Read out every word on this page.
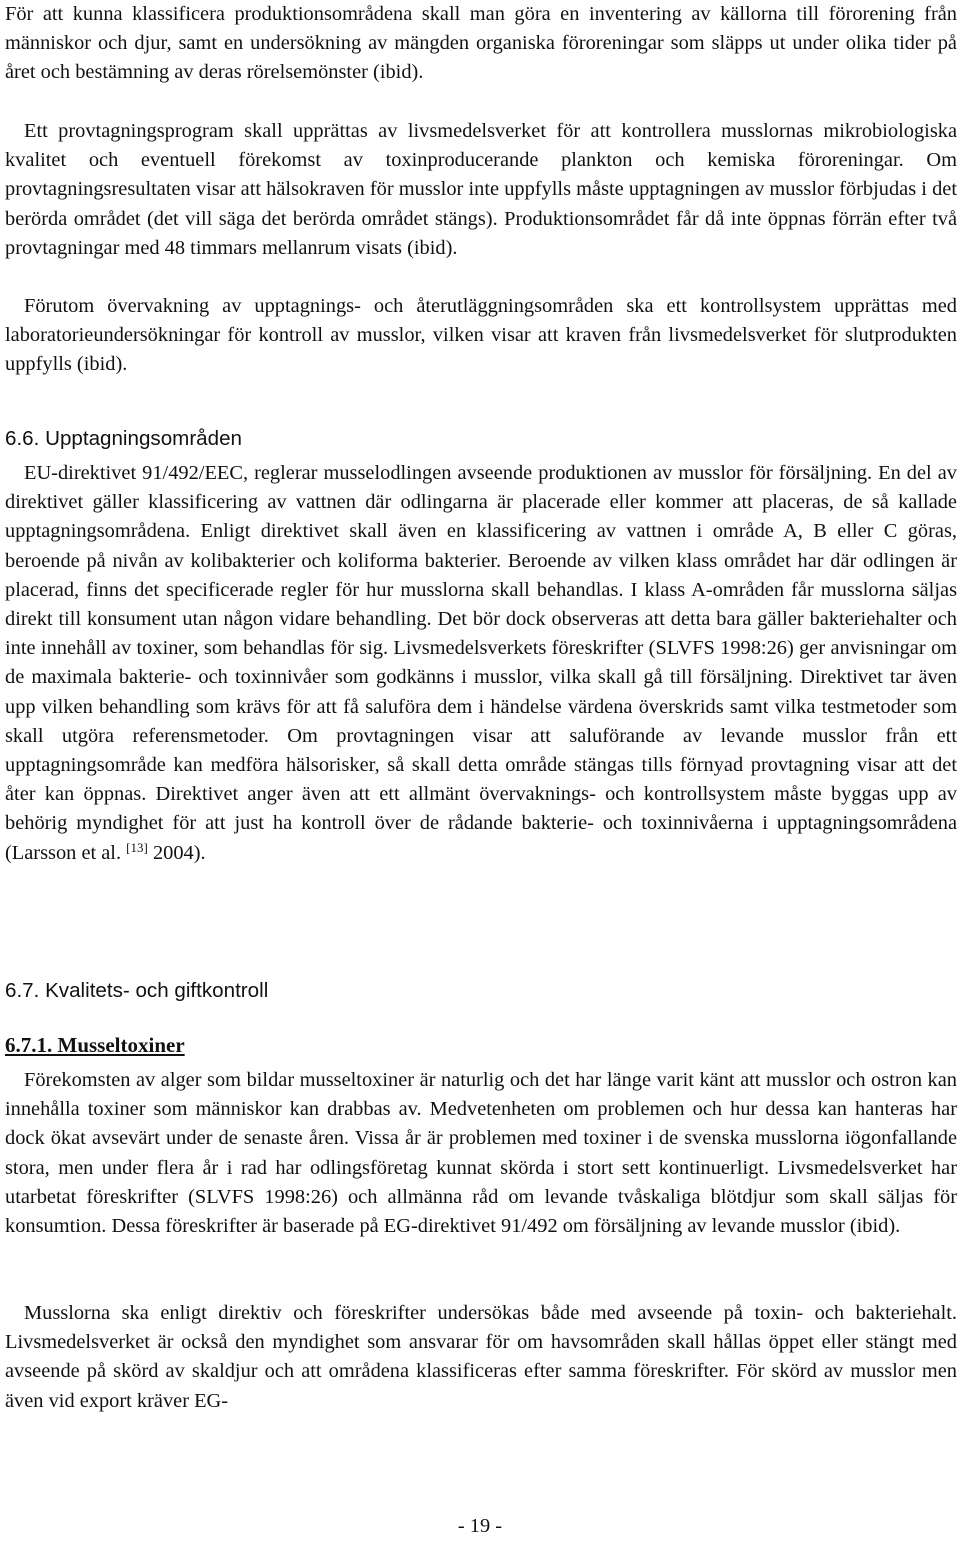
För att kunna klassificera produktionsområdena skall man göra en inventering av källorna till förorening från människor och djur, samt en undersökning av mängden organiska föroreningar som släpps ut under olika tider på året och bestämning av deras rörelsemönster (ibid).

Ett provtagningsprogram skall upprättas av livsmedelsverket för att kontrollera musslornas mikrobiologiska kvalitet och eventuell förekomst av toxinproducerande plankton och kemiska föroreningar. Om provtagningsresultaten visar att hälsokraven för musslor inte uppfylls måste upptagningen av musslor förbjudas i det berörda området (det vill säga det berörda området stängs). Produktionsområdet får då inte öppnas förrän efter två provtagningar med 48 timmars mellanrum visats (ibid).

Förutom övervakning av upptagnings- och återutläggningsområden ska ett kontrollsystem upprättas med laboratorieundersökningar för kontroll av musslor, vilken visar att kraven från livsmedelsverket för slutprodukten uppfylls (ibid).

6.6. Upptagningsområden

EU-direktivet 91/492/EEC, reglerar musselodlingen avseende produktionen av musslor för försäljning. En del av direktivet gäller klassificering av vattnen där odlingarna är placerade eller kommer att placeras, de så kallade upptagningsområdena. Enligt direktivet skall även en klassificering av vattnen i område A, B eller C göras, beroende på nivån av kolibakterier och koliforma bakterier. Beroende av vilken klass området har där odlingen är placerad, finns det specificerade regler för hur musslorna skall behandlas. I klass A-områden får musslorna säljas direkt till konsument utan någon vidare behandling. Det bör dock observeras att detta bara gäller bakteriehalter och inte innehåll av toxiner, som behandlas för sig. Livsmedelsverkets föreskrifter (SLVFS 1998:26) ger anvisningar om de maximala bakterie- och toxinnivåer som godkänns i musslor, vilka skall gå till försäljning. Direktivet tar även upp vilken behandling som krävs för att få saluföra dem i händelse värdena överskrids samt vilka testmetoder som skall utgöra referensmetoder. Om provtagningen visar att saluförande av levande musslor från ett upptagningsområde kan medföra hälsorisker, så skall detta område stängas tills förnyad provtagning visar att det åter kan öppnas. Direktivet anger även att ett allmänt övervaknings- och kontrollsystem måste byggas upp av behörig myndighet för att just ha kontroll över de rådande bakterie- och toxinnivåerna i upptagningsområdena (Larsson et al. [13] 2004).

6.7. Kvalitets- och giftkontroll
6.7.1. Musseltoxiner

Förekomsten av alger som bildar musseltoxiner är naturlig och det har länge varit känt att musslor och ostron kan innehålla toxiner som människor kan drabbas av. Medvetenheten om problemen och hur dessa kan hanteras har dock ökat avsevärt under de senaste åren. Vissa år är problemen med toxiner i de svenska musslorna iögonfallande stora, men under flera år i rad har odlingsföretag kunnat skörda i stort sett kontinuerligt. Livsmedelsverket har utarbetat föreskrifter (SLVFS 1998:26) och allmänna råd om levande tvåskaliga blötdjur som skall säljas för konsumtion. Dessa föreskrifter är baserade på EG-direktivet 91/492 om försäljning av levande musslor (ibid).

Musslorna ska enligt direktiv och föreskrifter undersökas både med avseende på toxin- och bakteriehalt. Livsmedelsverket är också den myndighet som ansvarar för om havsområden skall hållas öppet eller stängt med avseende på skörd av skaldjur och att områdena klassificeras efter samma föreskrifter. För skörd av musslor men även vid export kräver EG-

- 19 -
